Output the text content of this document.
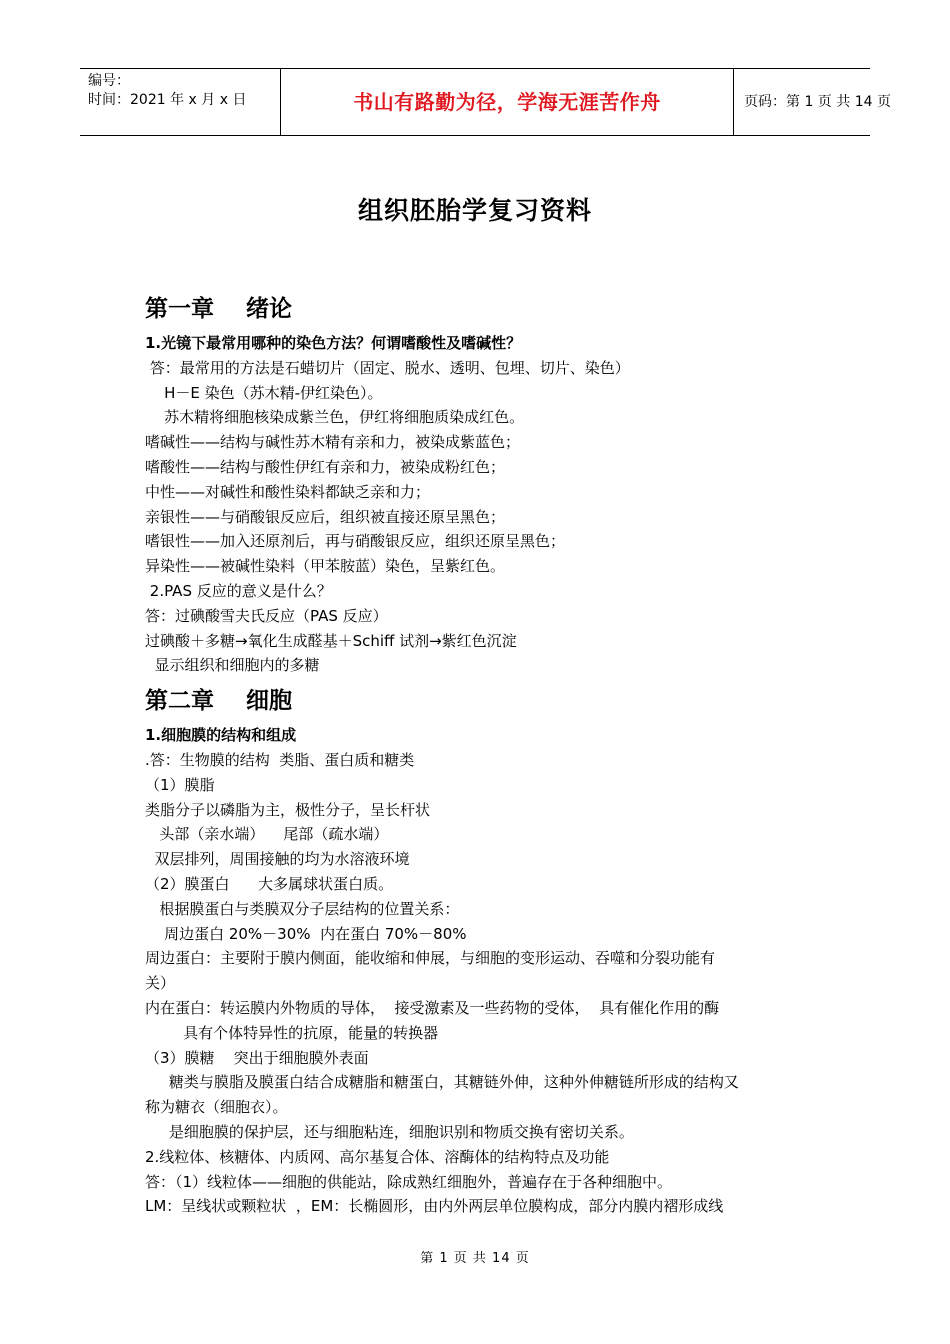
编号：
时间：2021 年 x 月 x 日	书山有路勤为径，学海无涯苦作舟	页码：第 1 页 共 14 页
组织胚胎学复习资料
第一章    绪论

1.光镜下最常用哪种的染色方法？何谓嗜酸性及嗜碱性？

答：最常用的方法是石蜡切片（固定、脱水、透明、包埋、切片、染色）

H－E 染色（苏木精-伊红染色）。

苏木精将细胞核染成紫兰色，伊红将细胞质染成红色。

嗜碱性——结构与碱性苏木精有亲和力，被染成紫蓝色；

嗜酸性——结构与酸性伊红有亲和力，被染成粉红色；

中性——对碱性和酸性染料都缺乏亲和力；

亲银性——与硝酸银反应后，组织被直接还原呈黑色；

嗜银性——加入还原剂后，再与硝酸银反应，组织还原呈黑色；

异染性——被碱性染料（甲苯胺蓝）染色，呈紫红色。

2.PAS 反应的意义是什么？

答：过碘酸雪夫氏反应（PAS 反应）

过碘酸＋多糖→氧化生成醛基＋Schiff 试剂→紫红色沉淀

显示组织和细胞内的多糖

第二章    细胞

1.细胞膜的结构和组成

.答：生物膜的结构  类脂、蛋白质和糖类

（1）膜脂

类脂分子以磷脂为主，极性分子，呈长杆状

头部（亲水端）    尾部（疏水端）

双层排列，周围接触的均为水溶液环境

（2）膜蛋白      大多属球状蛋白质。

根据膜蛋白与类膜双分子层结构的位置关系：

周边蛋白 20%－30%  内在蛋白 70%－80%

周边蛋白：主要附于膜内侧面，能收缩和伸展，与细胞的变形运动、吞噬和分裂功能有

关）

内在蛋白：转运膜内外物质的导体，  接受激素及一些药物的受体，  具有催化作用的酶

具有个体特异性的抗原，能量的转换器

（3）膜糖    突出于细胞膜外表面

糖类与膜脂及膜蛋白结合成糖脂和糖蛋白，其糖链外伸，这种外伸糖链所形成的结构又

称为糖衣（细胞衣）。

是细胞膜的保护层，还与细胞粘连，细胞识别和物质交换有密切关系。

2.线粒体、核糖体、内质网、高尔基复合体、溶酶体的结构特点及功能

答：（1）线粒体——细胞的供能站，除成熟红细胞外，普遍存在于各种细胞中。

LM：呈线状或颗粒状  ，EM：长椭圆形，由内外两层单位膜构成，部分内膜内褶形成线

第 1 页 共 14 页
